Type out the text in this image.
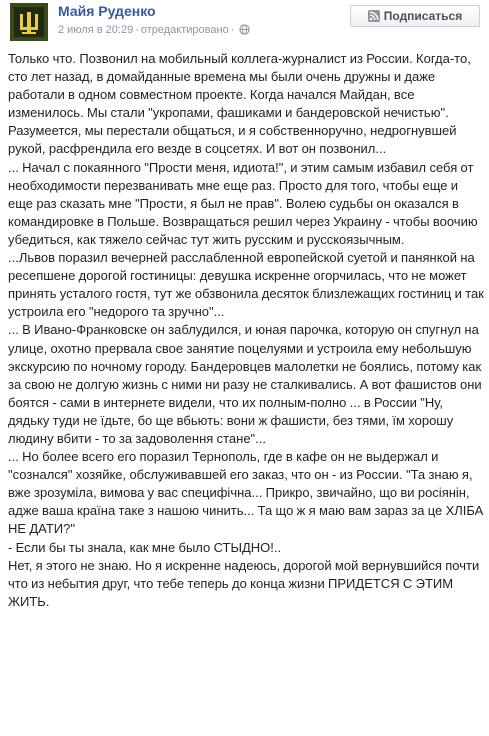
Майя Руденко
2 июля в 20:29 · отредактировано ·
Подписаться

Только что. Позвонил на мобильный коллега-журналист из России. Когда-то, сто лет назад, в домайданные времена мы были очень дружны и даже работали в одном совместном проекте. Когда начался Майдан, все изменилось. Мы стали "укропами, фашиками и бандеровской нечистью". Разумеется, мы перестали общаться, и я собственноручно, недрогнувшей рукой, расфрендила его везде в соцсетях. И вот он позвонил...

... Начал с покаянного "Прости меня, идиота!", и этим самым избавил себя от необходимости перезванивать мне еще раз. Просто для того, чтобы еще и еще раз сказать мне "Прости, я был не прав". Волею судьбы он оказался в командировке в Польше. Возвращаться решил через Украину - чтобы воочию убедиться, как тяжело сейчас тут жить русским и русскоязычным.

...Львов поразил вечерней расслабленной европейской суетой и панянкой на ресепшене дорогой гостиницы: девушка искренне огорчилась, что не может принять усталого гостя, тут же обзвонила десяток близлежащих гостиниц и так устроила его "недорого та зручно"...

... В Ивано-Франковске он заблудился, и юная парочка, которую он спугнул на улице, охотно прервала свое занятие поцелуями и устроила ему небольшую экскурсию по ночному городу. Бандеровцев малолетки не боялись, потому как за свою не долгую жизнь с ними ни разу не сталкивались. А вот фашистов они боятся - сами в интернете видели, что их полным-полно ... в России "Ну, дядьку туди не їдьте, бо ще вбьють: вони ж фашисти, без тями, їм хорошу людину вбити - то за задоволення стане"...

... Но более всего его поразил Тернополь, где в кафе он не выдержал и "сознался" хозяйке, обслуживавшей его заказ, что он - из России. "Та знаю я, вже зрозуміла, вимова у вас специфічна... Прикро, звичайно, що ви росіянін, адже ваша країна таке з нашою чинить... Та що ж я маю вам зараз за це ХЛІБА НЕ ДАТИ?"

- Если бы ты знала, как мне было СТЫДНО!..

Нет, я этого не знаю. Но я искренне надеюсь, дорогой мой вернувшийся почти что из небытия друг, что тебе теперь до конца жизни ПРИДЕТСЯ С ЭТИМ ЖИТЬ.
